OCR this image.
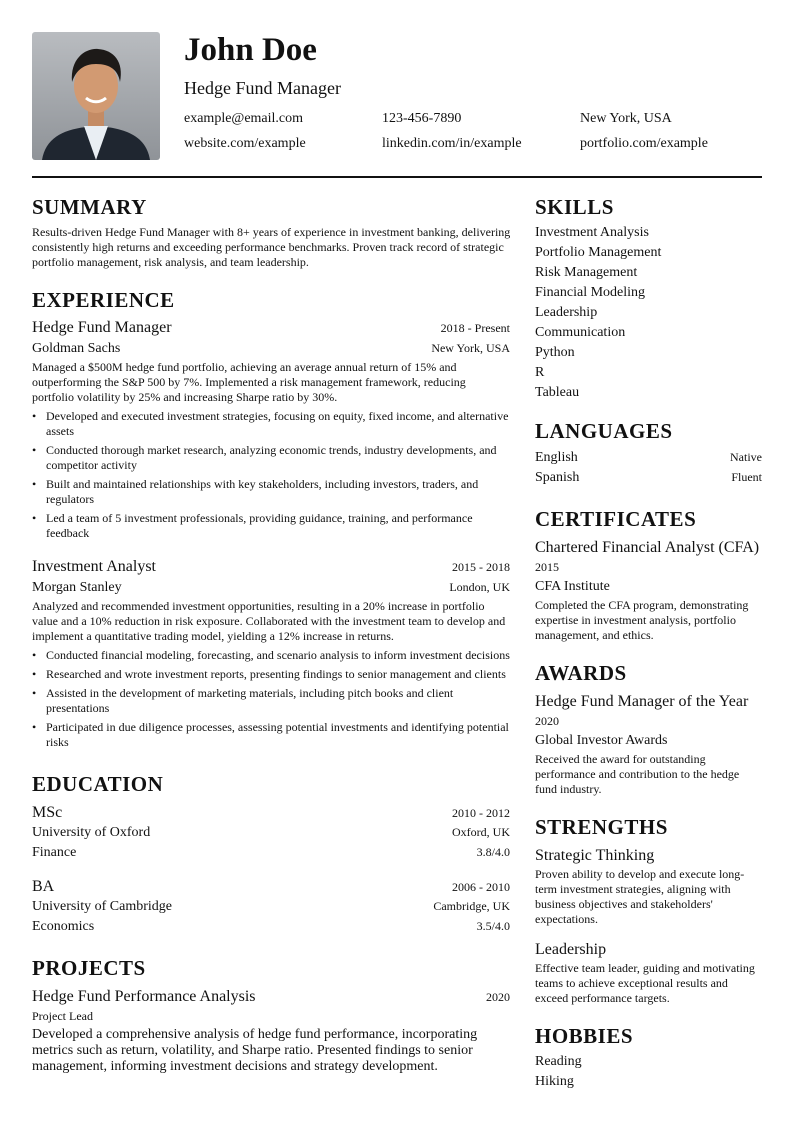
John Doe
Hedge Fund Manager
example@email.com	123-456-7890	New York, USA
website.com/example	linkedin.com/in/example	portfolio.com/example
SUMMARY
Results-driven Hedge Fund Manager with 8+ years of experience in investment banking, delivering consistently high returns and exceeding performance benchmarks. Proven track record of strategic portfolio management, risk analysis, and team leadership.
EXPERIENCE
Hedge Fund Manager	2018 - Present
Goldman Sachs	New York, USA
Managed a $500M hedge fund portfolio, achieving an average annual return of 15% and outperforming the S&P 500 by 7%. Implemented a risk management framework, reducing portfolio volatility by 25% and increasing Sharpe ratio by 30%.
• Developed and executed investment strategies, focusing on equity, fixed income, and alternative assets
• Conducted thorough market research, analyzing economic trends, industry developments, and competitor activity
• Built and maintained relationships with key stakeholders, including investors, traders, and regulators
• Led a team of 5 investment professionals, providing guidance, training, and performance feedback
Investment Analyst	2015 - 2018
Morgan Stanley	London, UK
Analyzed and recommended investment opportunities, resulting in a 20% increase in portfolio value and a 10% reduction in risk exposure. Collaborated with the investment team to develop and implement a quantitative trading model, yielding a 12% increase in returns.
• Conducted financial modeling, forecasting, and scenario analysis to inform investment decisions
• Researched and wrote investment reports, presenting findings to senior management and clients
• Assisted in the development of marketing materials, including pitch books and client presentations
• Participated in due diligence processes, assessing potential investments and identifying potential risks
EDUCATION
MSc	2010 - 2012
University of Oxford	Oxford, UK
Finance	3.8/4.0
BA	2006 - 2010
University of Cambridge	Cambridge, UK
Economics	3.5/4.0
PROJECTS
Hedge Fund Performance Analysis	2020
Project Lead
Developed a comprehensive analysis of hedge fund performance, incorporating metrics such as return, volatility, and Sharpe ratio. Presented findings to senior management, informing investment decisions and strategy development.
SKILLS
Investment Analysis
Portfolio Management
Risk Management
Financial Modeling
Leadership
Communication
Python
R
Tableau
LANGUAGES
English	Native
Spanish	Fluent
CERTIFICATES
Chartered Financial Analyst (CFA)
2015
CFA Institute
Completed the CFA program, demonstrating expertise in investment analysis, portfolio management, and ethics.
AWARDS
Hedge Fund Manager of the Year
2020
Global Investor Awards
Received the award for outstanding performance and contribution to the hedge fund industry.
STRENGTHS
Strategic Thinking
Proven ability to develop and execute long-term investment strategies, aligning with business objectives and stakeholders' expectations.
Leadership
Effective team leader, guiding and motivating teams to achieve exceptional results and exceed performance targets.
HOBBIES
Reading
Hiking
